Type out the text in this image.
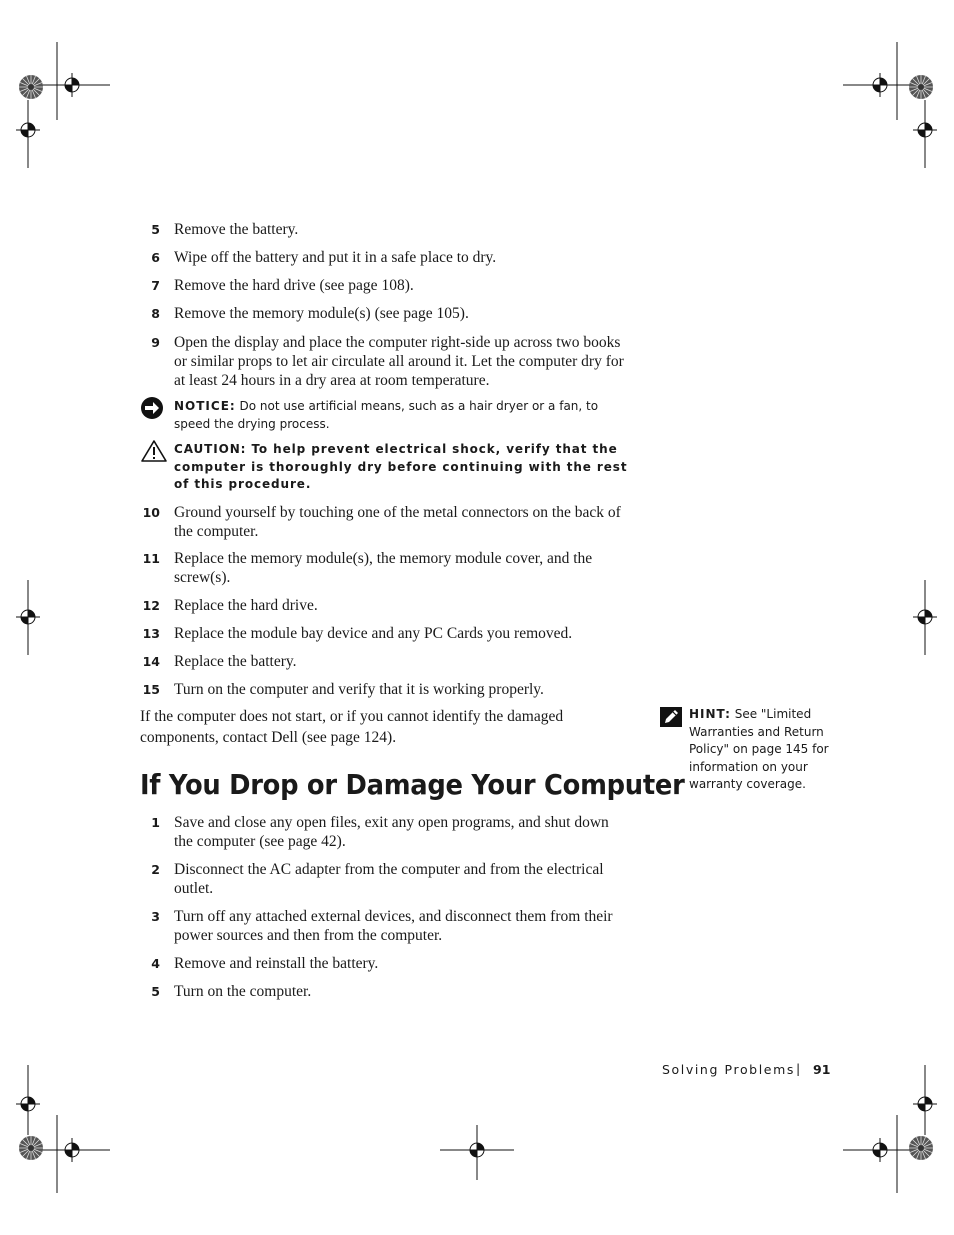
5 Remove the battery.
6 Wipe off the battery and put it in a safe place to dry.
7 Remove the hard drive (see page 108).
8 Remove the memory module(s) (see page 105).
9 Open the display and place the computer right-side up across two books or similar props to let air circulate all around it. Let the computer dry for at least 24 hours in a dry area at room temperature.
NOTICE: Do not use artificial means, such as a hair dryer or a fan, to speed the drying process.
CAUTION: To help prevent electrical shock, verify that the computer is thoroughly dry before continuing with the rest of this procedure.
10 Ground yourself by touching one of the metal connectors on the back of the computer.
11 Replace the memory module(s), the memory module cover, and the screw(s).
12 Replace the hard drive.
13 Replace the module bay device and any PC Cards you removed.
14 Replace the battery.
15 Turn on the computer and verify that it is working properly.

If the computer does not start, or if you cannot identify the damaged components, contact Dell (see page 124).

If You Drop or Damage Your Computer
1 Save and close any open files, exit any open programs, and shut down the computer (see page 42).
2 Disconnect the AC adapter from the computer and from the electrical outlet.
3 Turn off any attached external devices, and disconnect them from their power sources and then from the computer.
4 Remove and reinstall the battery.
5 Turn on the computer.
HINT: See "Limited Warranties and Return Policy" on page 145 for information on your warranty coverage.
Solving Problems | 91
